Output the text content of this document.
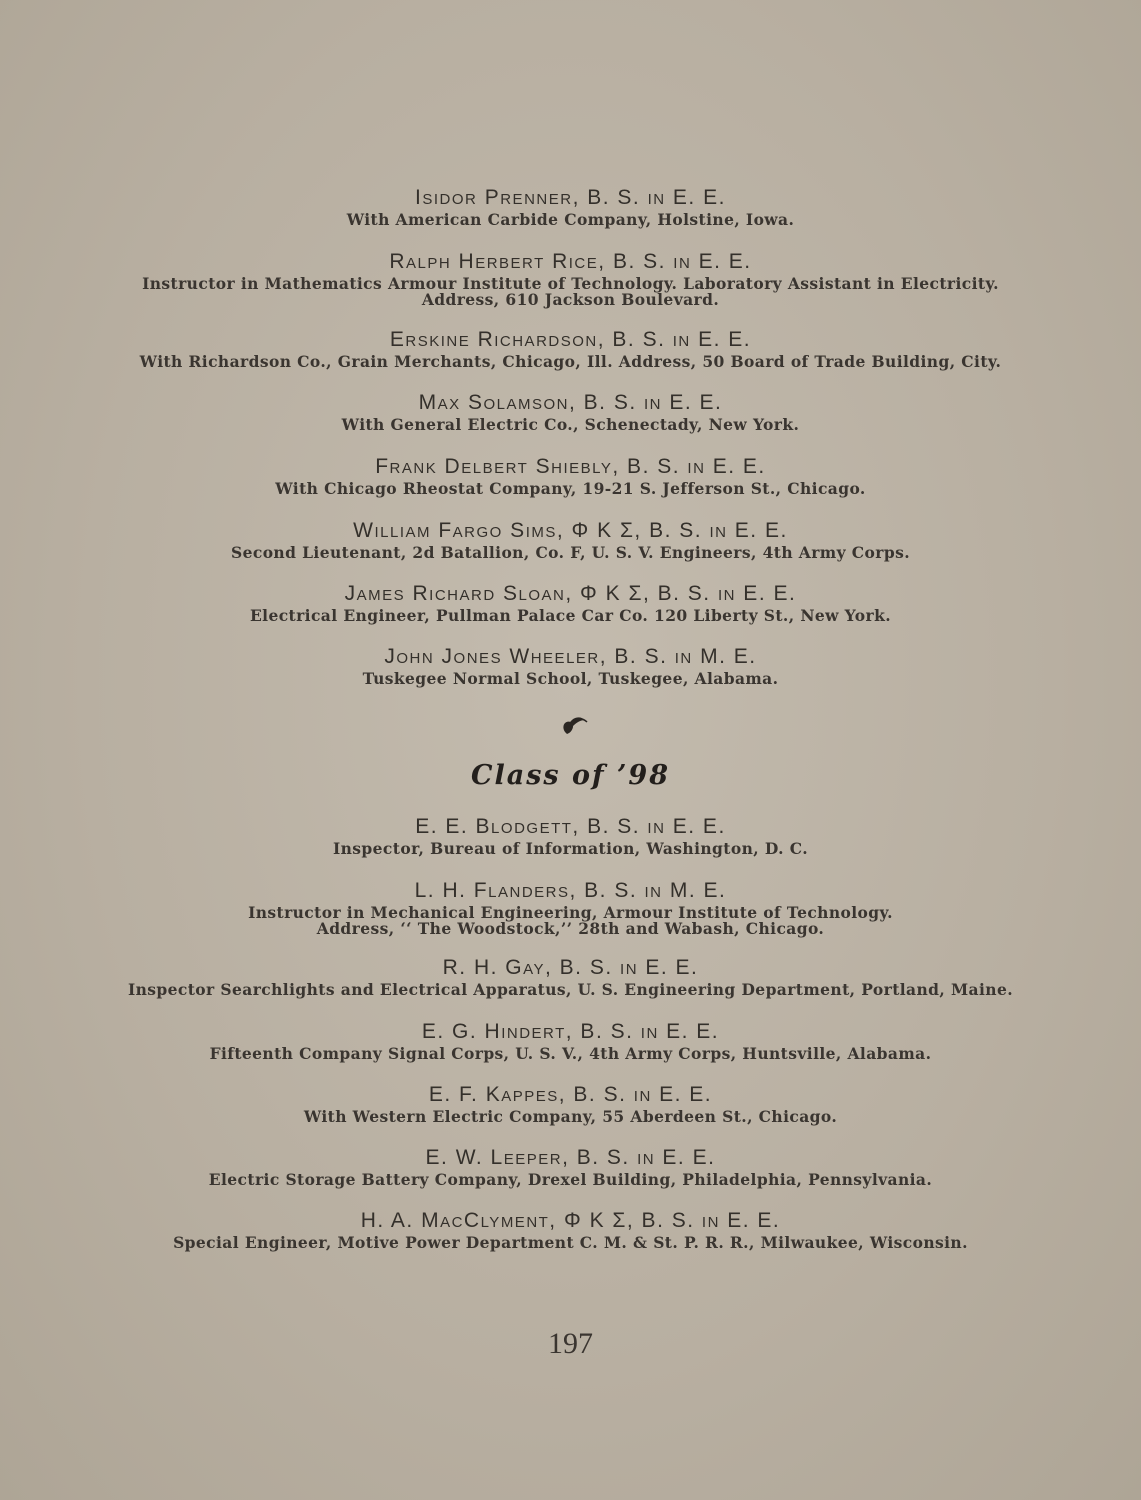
Isidor Prenner, B. S. in E. E.
With American Carbide Company, Holstine, Iowa.
Ralph Herbert Rice, B. S. in E. E.
Instructor in Mathematics Armour Institute of Technology. Laboratory Assistant in Electricity.
Address, 610 Jackson Boulevard.
Erskine Richardson, B. S. in E. E.
With Richardson Co., Grain Merchants, Chicago, Ill. Address, 50 Board of Trade Building, City.
Max Solamson, B. S. in E. E.
With General Electric Co., Schenectady, New York.
Frank Delbert Shiebly, B. S. in E. E.
With Chicago Rheostat Company, 19-21 S. Jefferson St., Chicago.
William Fargo Sims, Φ K Σ, B. S. in E. E.
Second Lieutenant, 2d Batallion, Co. F, U. S. V. Engineers, 4th Army Corps.
James Richard Sloan, Φ K Σ, B. S. in E. E.
Electrical Engineer, Pullman Palace Car Co. 120 Liberty St., New York.
John Jones Wheeler, B. S. in M. E.
Tuskegee Normal School, Tuskegee, Alabama.
Class of ’98
E. E. Blodgett, B. S. in E. E.
Inspector, Bureau of Information, Washington, D. C.
L. H. Flanders, B. S. in M. E.
Instructor in Mechanical Engineering, Armour Institute of Technology.
Address, ‘‘ The Woodstock,’’ 28th and Wabash, Chicago.
R. H. Gay, B. S. in E. E.
Inspector Searchlights and Electrical Apparatus, U. S. Engineering Department, Portland, Maine.
E. G. Hindert, B. S. in E. E.
Fifteenth Company Signal Corps, U. S. V., 4th Army Corps, Huntsville, Alabama.
E. F. Kappes, B. S. in E. E.
With Western Electric Company, 55 Aberdeen St., Chicago.
E. W. Leeper, B. S. in E. E.
Electric Storage Battery Company, Drexel Building, Philadelphia, Pennsylvania.
H. A. MacClyment, Φ K Σ, B. S. in E. E.
Special Engineer, Motive Power Department C. M. & St. P. R. R., Milwaukee, Wisconsin.
197
